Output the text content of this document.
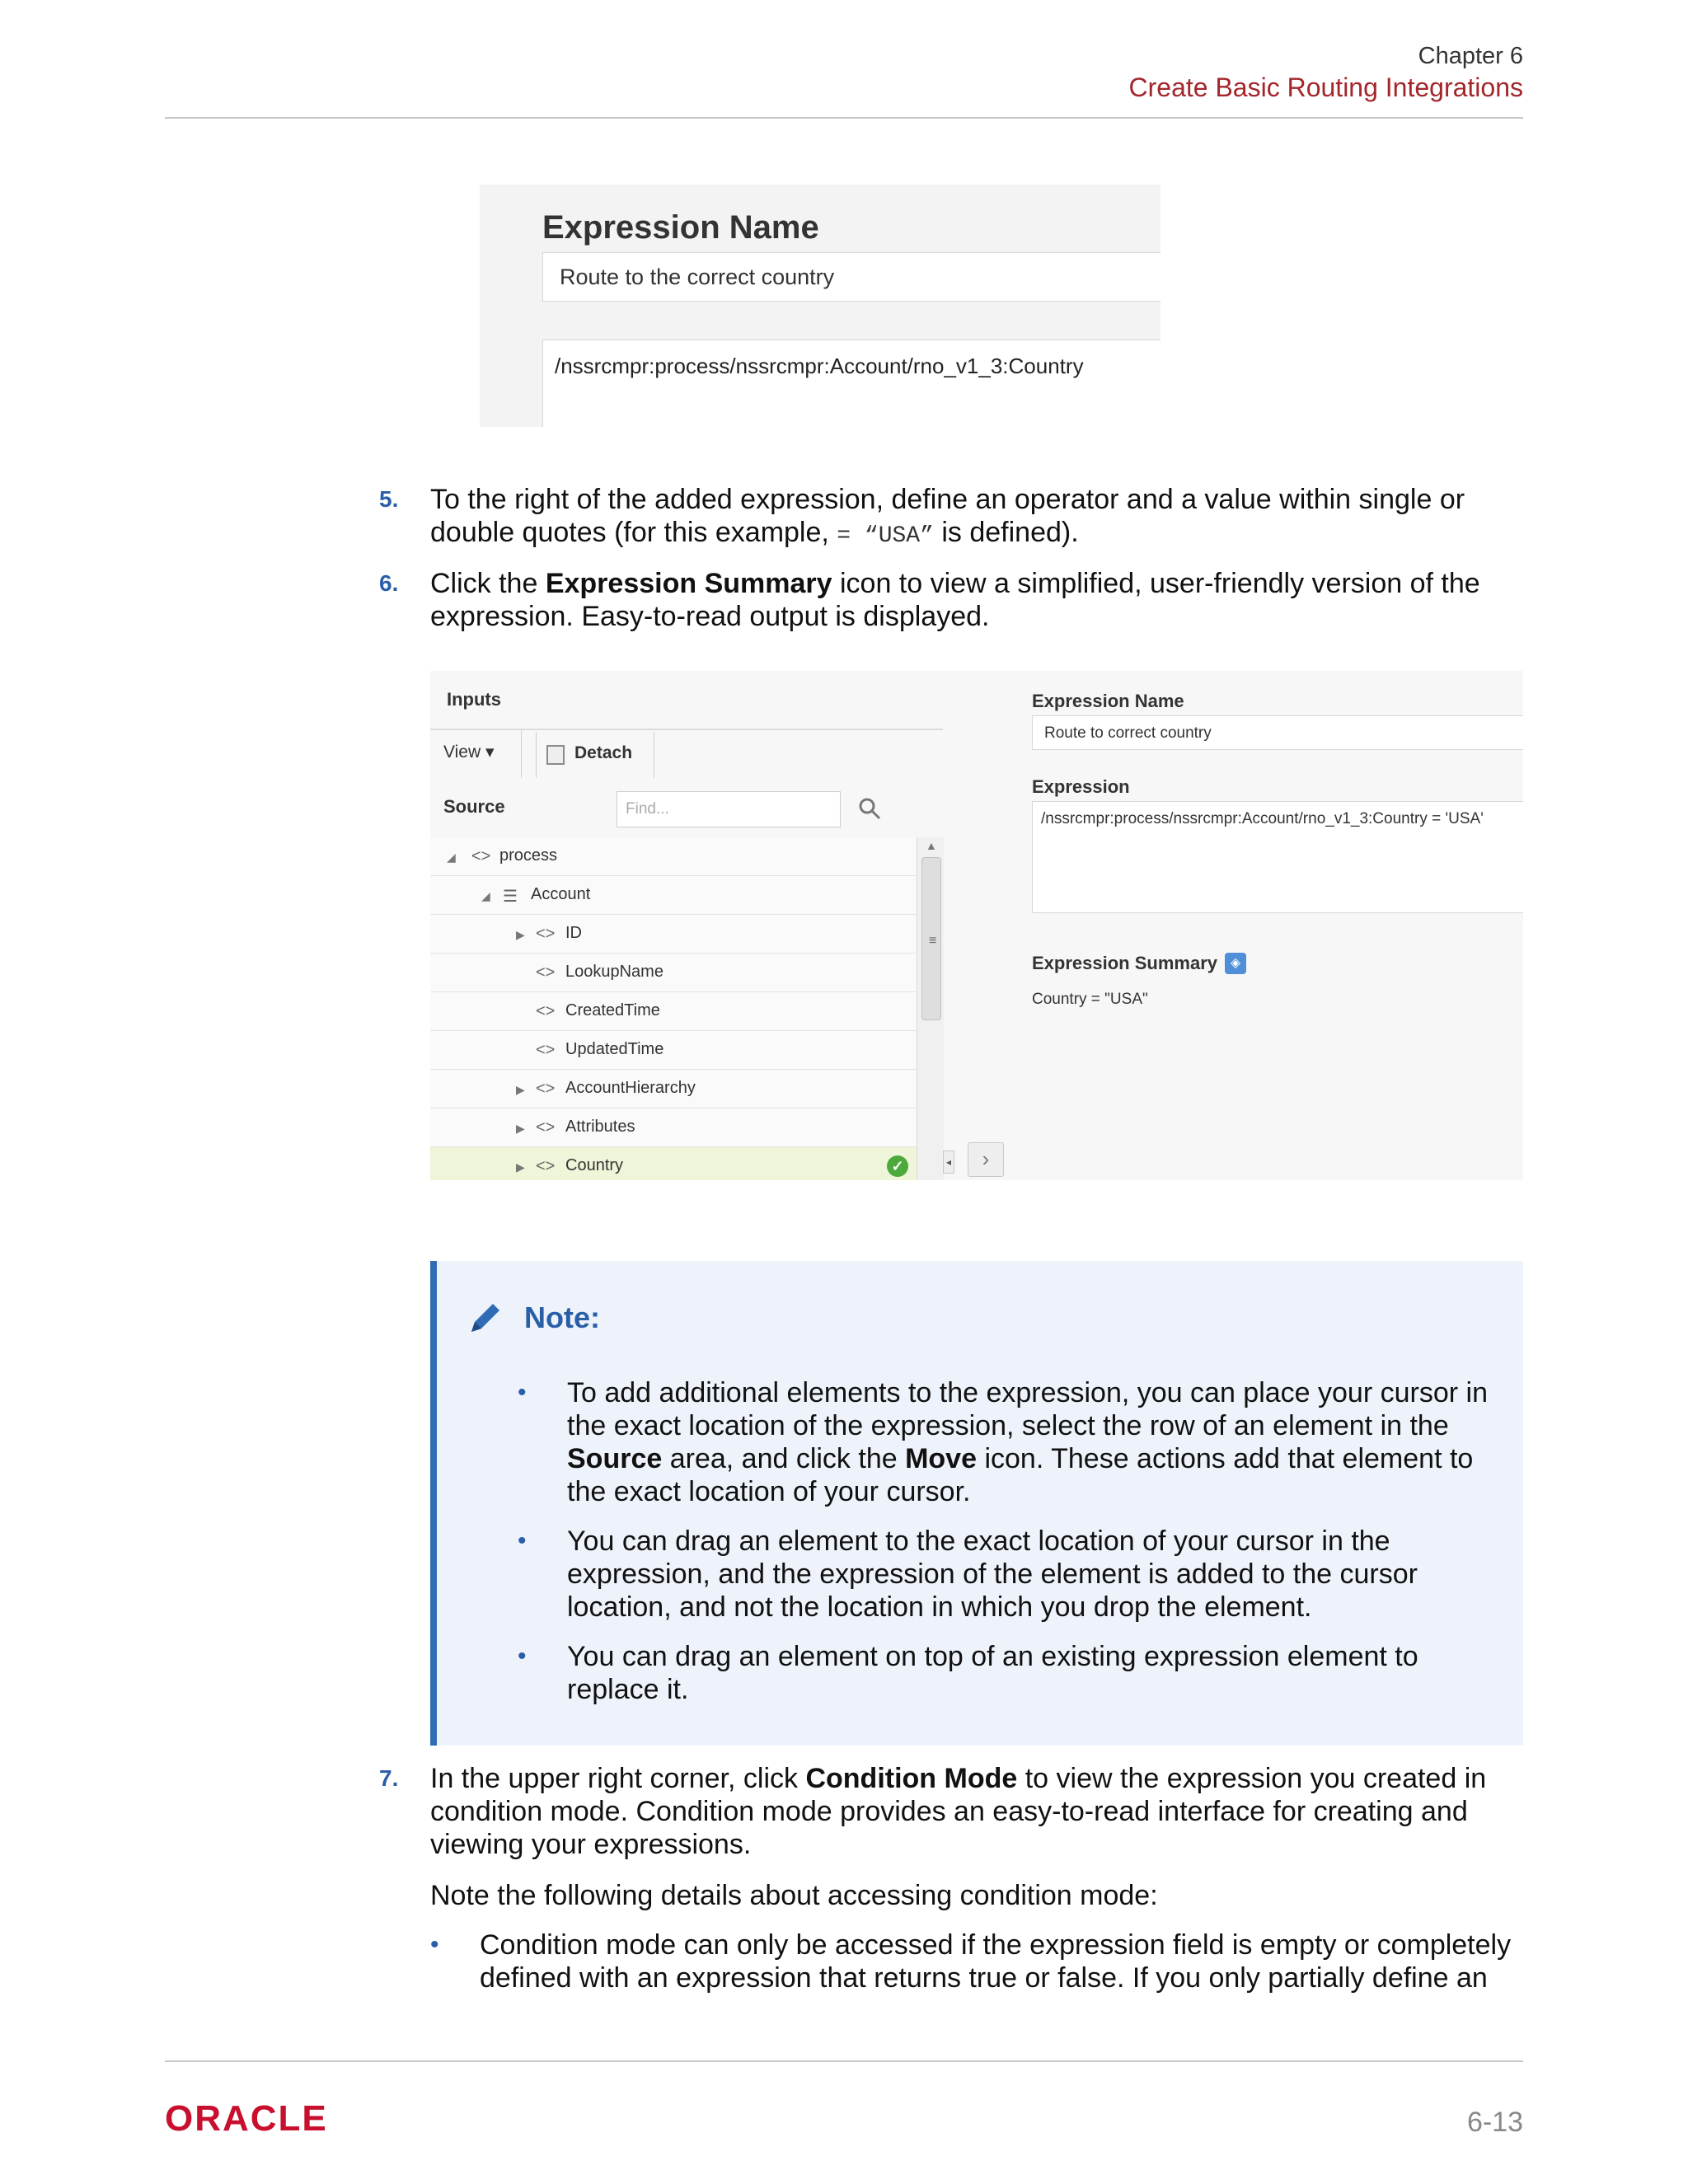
Chapter 6
Create Basic Routing Integrations
Expression Name
Route to the correct country
/nssrcmpr:process/nssrcmpr:Account/rno_v1_3:Country
5. To the right of the added expression, define an operator and a value within single or double quotes (for this example, = “USA” is defined).
6. Click the Expression Summary icon to view a simplified, user-friendly version of the expression. Easy-to-read output is displayed.
Inputs
View ▾	Detach
Source	Find...
◢ <> process
◢ ☰ Account
▶ <> ID
<> LookupName
<> CreatedTime
<> UpdatedTime
▶ <> AccountHierarchy
▶ <> Attributes
▶ <> Country	✓
▲
≡
◂	›
Expression Name
Route to correct country
Expression
/nssrcmpr:process/nssrcmpr:Account/rno_v1_3:Country = 'USA'
Expression Summary ◈
Country = "USA"
Note:
• To add additional elements to the expression, you can place your cursor in the exact location of the expression, select the row of an element in the Source area, and click the Move icon. These actions add that element to the exact location of your cursor.
• You can drag an element to the exact location of your cursor in the expression, and the expression of the element is added to the cursor location, and not the location in which you drop the element.
• You can drag an element on top of an existing expression element to replace it.
7. In the upper right corner, click Condition Mode to view the expression you created in condition mode. Condition mode provides an easy-to-read interface for creating and viewing your expressions.
Note the following details about accessing condition mode:
• Condition mode can only be accessed if the expression field is empty or completely defined with an expression that returns true or false. If you only partially define an
ORACLE	6-13
